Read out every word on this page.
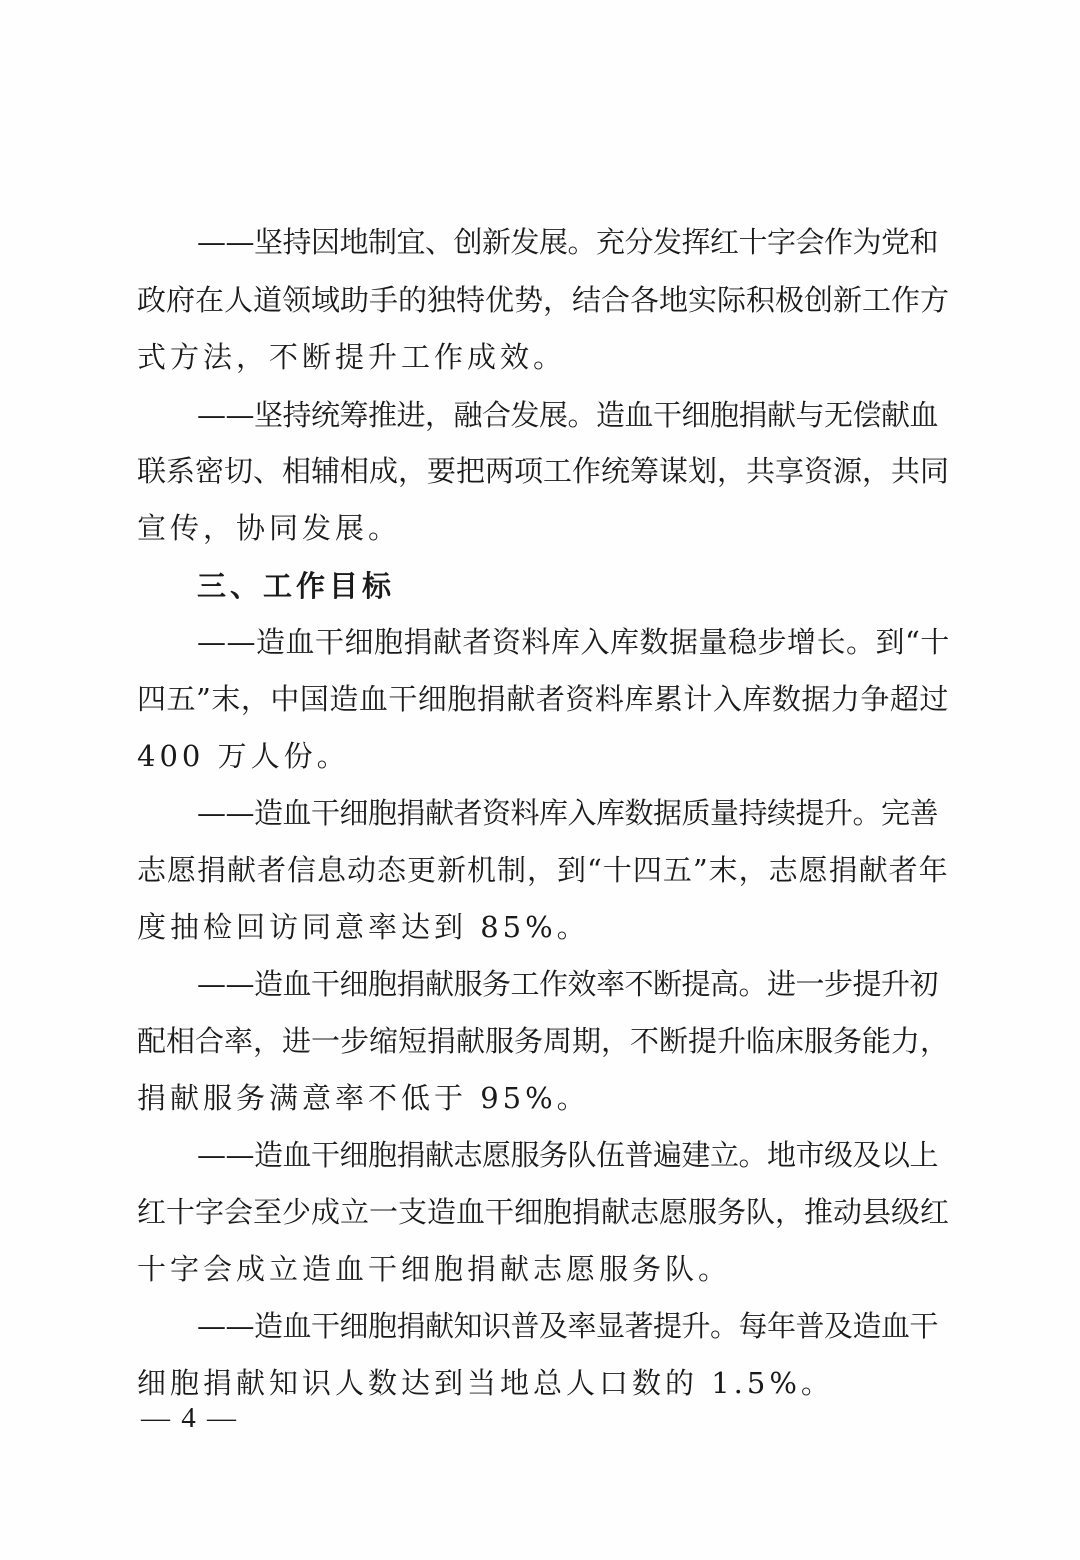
——坚持因地制宜、创新发展。充分发挥红十字会作为党和
政府在人道领域助手的独特优势，结合各地实际积极创新工作方
式方法，不断提升工作成效。
——坚持统筹推进，融合发展。造血干细胞捐献与无偿献血
联系密切、相辅相成，要把两项工作统筹谋划，共享资源，共同
宣传，协同发展。
三、工作目标
——造血干细胞捐献者资料库入库数据量稳步增长。到“十
四五”末，中国造血干细胞捐献者资料库累计入库数据力争超过
400 万人份。
——造血干细胞捐献者资料库入库数据质量持续提升。完善
志愿捐献者信息动态更新机制，到“十四五”末，志愿捐献者年
度抽检回访同意率达到 85%。
——造血干细胞捐献服务工作效率不断提高。进一步提升初
配相合率，进一步缩短捐献服务周期，不断提升临床服务能力，
捐献服务满意率不低于 95%。
——造血干细胞捐献志愿服务队伍普遍建立。地市级及以上
红十字会至少成立一支造血干细胞捐献志愿服务队，推动县级红
十字会成立造血干细胞捐献志愿服务队。
——造血干细胞捐献知识普及率显著提升。每年普及造血干
细胞捐献知识人数达到当地总人口数的 1.5%。
— 4 —
